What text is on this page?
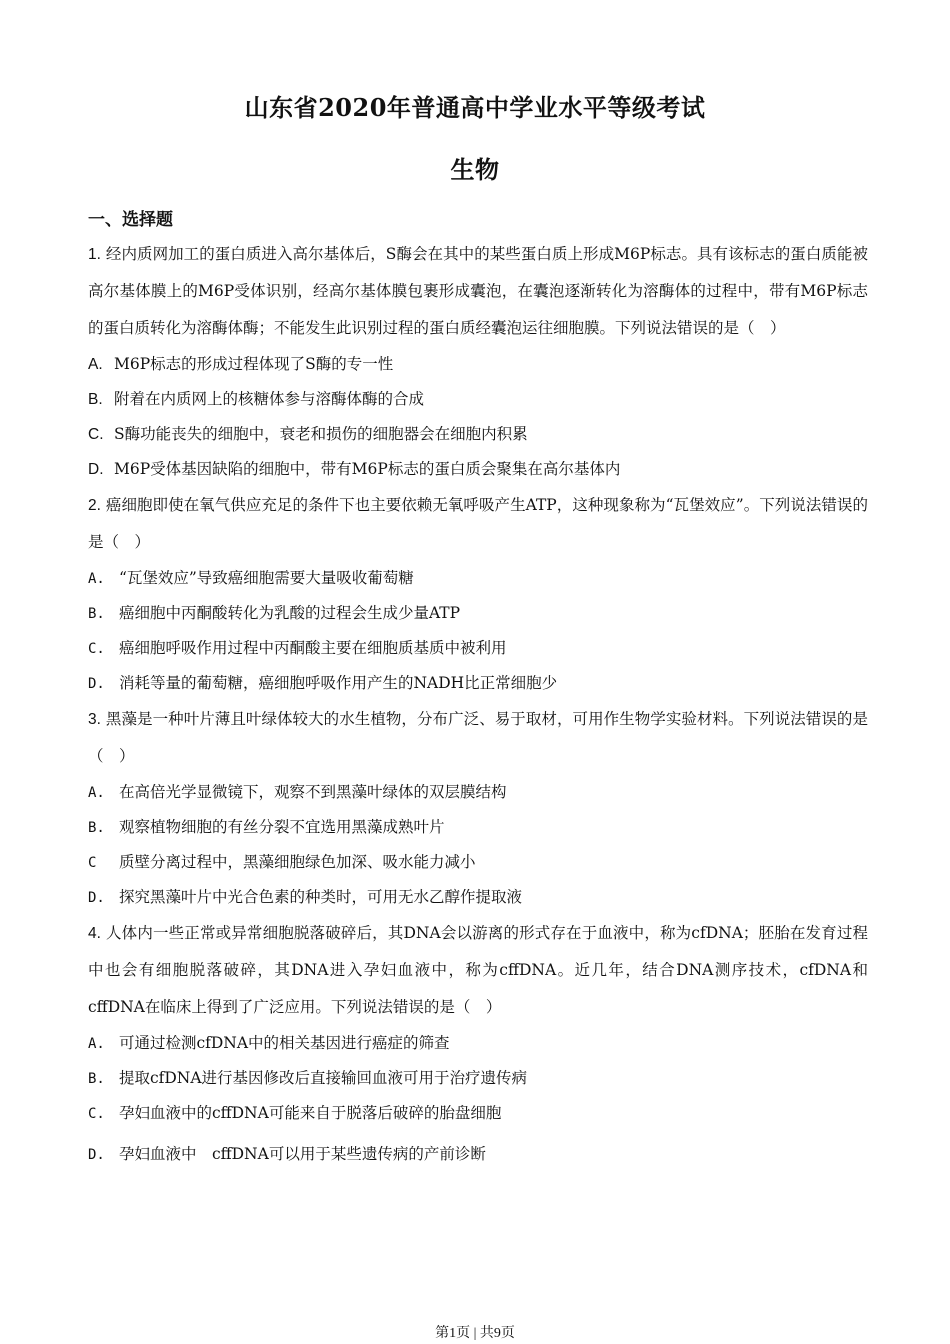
山东省2020年普通高中学业水平等级考试
生物
一、选择题

1. 经内质网加工的蛋白质进入高尔基体后，S酶会在其中的某些蛋白质上形成M6P标志。具有该标志的蛋白质能被高尔基体膜上的M6P受体识别，经高尔基体膜包裹形成囊泡，在囊泡逐渐转化为溶酶体的过程中，带有M6P标志的蛋白质转化为溶酶体酶；不能发生此识别过程的蛋白质经囊泡运往细胞膜。下列说法错误的是（　）

A. M6P标志的形成过程体现了S酶的专一性

B. 附着在内质网上的核糖体参与溶酶体酶的合成

C. S酶功能丧失的细胞中，衰老和损伤的细胞器会在细胞内积累

D. M6P受体基因缺陷的细胞中，带有M6P标志的蛋白质会聚集在高尔基体内

2. 癌细胞即使在氧气供应充足的条件下也主要依赖无氧呼吸产生ATP，这种现象称为“瓦堡效应”。下列说法错误的是（　）

A. “瓦堡效应”导致癌细胞需要大量吸收葡萄糖

B. 癌细胞中丙酮酸转化为乳酸的过程会生成少量ATP

C. 癌细胞呼吸作用过程中丙酮酸主要在细胞质基质中被利用

D. 消耗等量的葡萄糖，癌细胞呼吸作用产生的NADH比正常细胞少

3. 黑藻是一种叶片薄且叶绿体较大的水生植物，分布广泛、易于取材，可用作生物学实验材料。下列说法错误的是（　）

A. 在高倍光学显微镜下，观察不到黑藻叶绿体的双层膜结构

B. 观察植物细胞的有丝分裂不宜选用黑藻成熟叶片

C 质壁分离过程中，黑藻细胞绿色加深、吸水能力减小

D. 探究黑藻叶片中光合色素的种类时，可用无水乙醇作提取液

4. 人体内一些正常或异常细胞脱落破碎后，其DNA会以游离的形式存在于血液中，称为cfDNA；胚胎在发育过程中也会有细胞脱落破碎，其DNA进入孕妇血液中，称为cffDNA。近几年，结合DNA测序技术，cfDNA和cffDNA在临床上得到了广泛应用。下列说法错误的是（　）

A. 可通过检测cfDNA中的相关基因进行癌症的筛查

B. 提取cfDNA进行基因修改后直接输回血液可用于治疗遗传病

C. 孕妇血液中的cffDNA可能来自于脱落后破碎的胎盘细胞

D. 孕妇血液中　cffDNA可以用于某些遗传病的产前诊断

第1页 | 共9页
